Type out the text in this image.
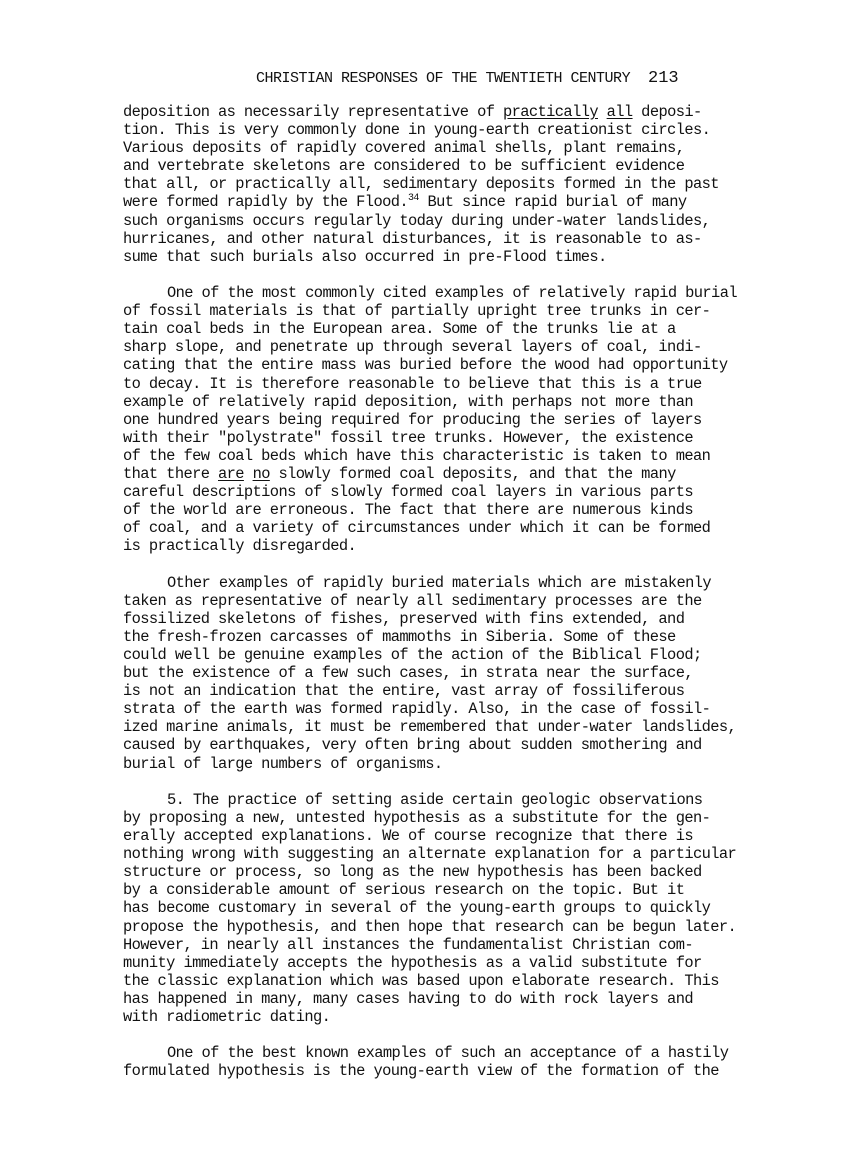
CHRISTIAN RESPONSES OF THE TWENTIETH CENTURY 213
deposition as necessarily representative of practically all deposi-
tion. This is very commonly done in young-earth creationist circles.
Various deposits of rapidly covered animal shells, plant remains,
and vertebrate skeletons are considered to be sufficient evidence
that all, or practically all, sedimentary deposits formed in the past
were formed rapidly by the Flood.$^{34}$ But since rapid burial of many
such organisms occurs regularly today during under-water landslides,
hurricanes, and other natural disturbances, it is reasonable to as-
sume that such burials also occurred in pre-Flood times.
One of the most commonly cited examples of relatively rapid burial
of fossil materials is that of partially upright tree trunks in cer-
tain coal beds in the European area. Some of the trunks lie at a
sharp slope, and penetrate up through several layers of coal, indi-
cating that the entire mass was buried before the wood had opportunity
to decay. It is therefore reasonable to believe that this is a true
example of relatively rapid deposition, with perhaps not more than
one hundred years being required for producing the series of layers
with their "polystrate" fossil tree trunks. However, the existence
of the few coal beds which have this characteristic is taken to mean
that there are no slowly formed coal deposits, and that the many
careful descriptions of slowly formed coal layers in various parts
of the world are erroneous. The fact that there are numerous kinds
of coal, and a variety of circumstances under which it can be formed
is practically disregarded.
Other examples of rapidly buried materials which are mistakenly
taken as representative of nearly all sedimentary processes are the
fossilized skeletons of fishes, preserved with fins extended, and
the fresh-frozen carcasses of mammoths in Siberia. Some of these
could well be genuine examples of the action of the Biblical Flood;
but the existence of a few such cases, in strata near the surface,
is not an indication that the entire, vast array of fossiliferous
strata of the earth was formed rapidly. Also, in the case of fossil-
ized marine animals, it must be remembered that under-water landslides,
caused by earthquakes, very often bring about sudden smothering and
burial of large numbers of organisms.
5. The practice of setting aside certain geologic observations
by proposing a new, untested hypothesis as a substitute for the gen-
erally accepted explanations. We of course recognize that there is
nothing wrong with suggesting an alternate explanation for a particular
structure or process, so long as the new hypothesis has been backed
by a considerable amount of serious research on the topic. But it
has become customary in several of the young-earth groups to quickly
propose the hypothesis, and then hope that research can be begun later.
However, in nearly all instances the fundamentalist Christian com-
munity immediately accepts the hypothesis as a valid substitute for
the classic explanation which was based upon elaborate research. This
has happened in many, many cases having to do with rock layers and
with radiometric dating.
One of the best known examples of such an acceptance of a hastily
formulated hypothesis is the young-earth view of the formation of the
